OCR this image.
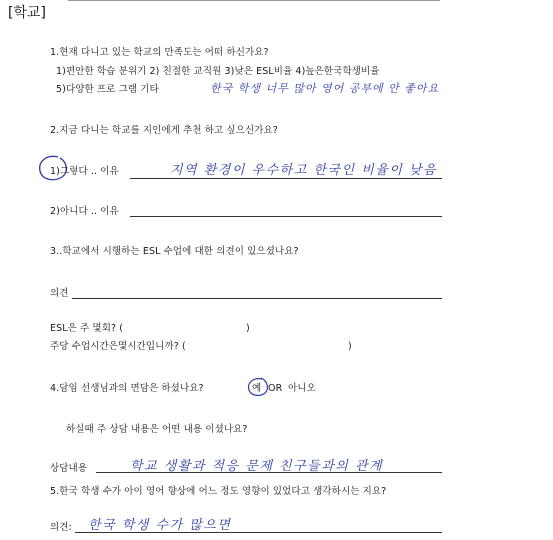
[학교]
1.현재 다니고 있는 학교의 만족도는 어떠 하신가요?
1)편안한 학습 분위기 2) 친절한 교직원 3)낮은 ESL비율 4)높은한국학생비율
5)다양한 프로 그램 기타	한국 학생 너무 많아 영어 공부에 안 좋아요
2.지금 다니는 학교를 지인에게 추천 하고 싶으신가요?
1)그렇다 .. 이유	지역 환경이 우수하고 한국인 비율이 낮음
2)아니다 .. 이유
3..학교에서 시행하는 ESL 수업에 대한 의견이 있으셨나요?
의견
ESL은 주 몇회? (	)
주당 수업시간은몇시간입니까? (	)
4.담임 선생님과의 면담은 하셨나요?	예 OR 아니오
하실때 주 상담 내용은 어떤 내용 이셨나요?
상담내용	학교 생활과 적응 문제 친구들과의 관계
5.한국 학생 수가 아이 영어 향상에 어느 정도 영향이 있었다고 생각하시는 지요?
의견: 한국 학생 수가 많으면
